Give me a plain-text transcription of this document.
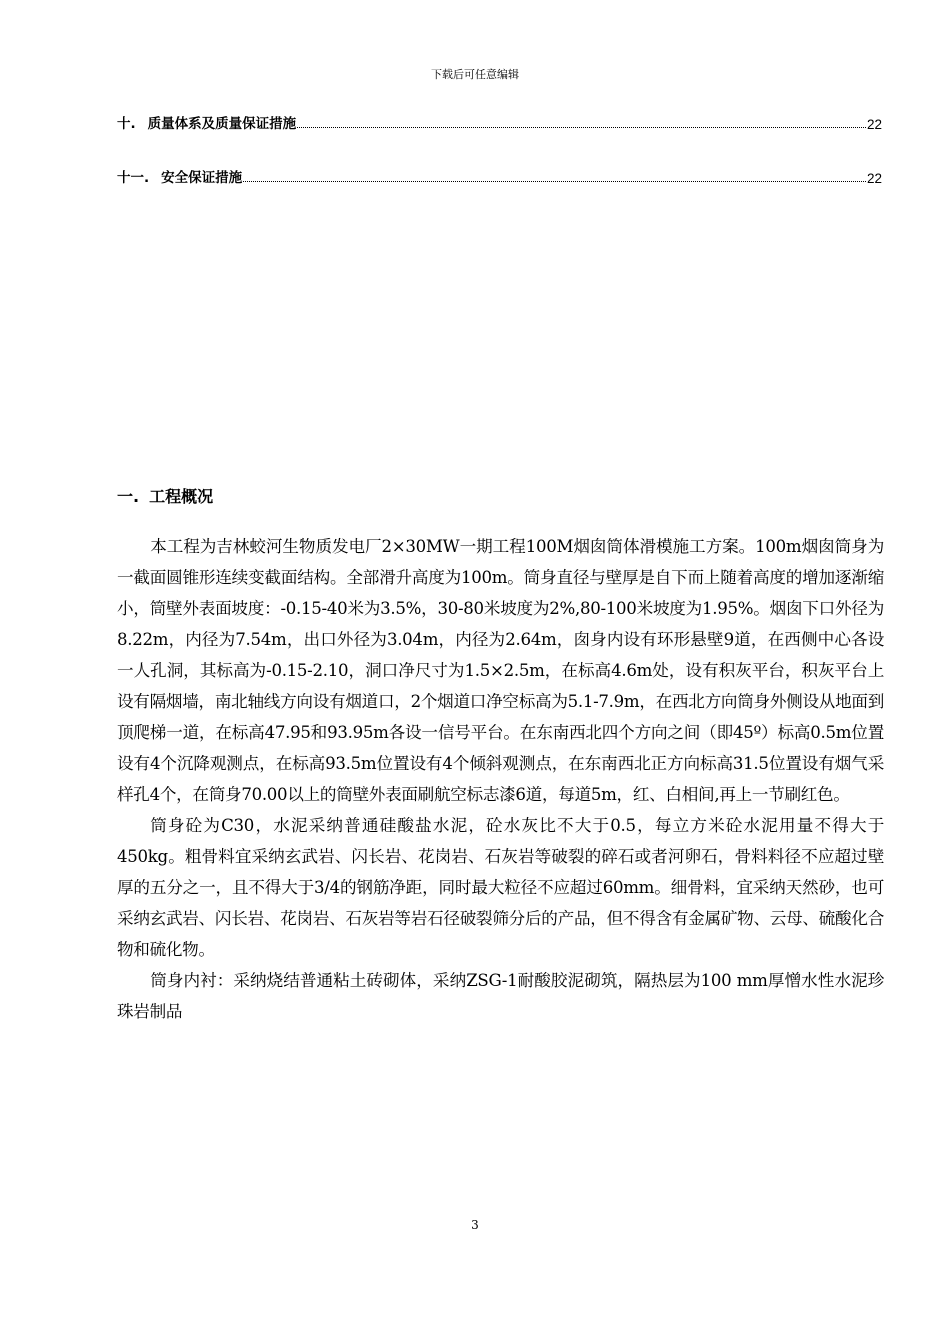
下载后可任意编辑
十. 质量体系及质量保证措施	22
十一. 安全保证措施	22
一. 工程概况

本工程为吉林蛟河生物质发电厂2×30MW一期工程100M烟囱筒体滑模施工方案。100m烟囱筒身为一截面圆锥形连续变截面结构。全部滑升高度为100m。筒身直径与壁厚是自下而上随着高度的增加逐渐缩小，筒壁外表面坡度：-0.15-40米为3.5%，30-80米坡度为2%,80-100米坡度为1.95%。烟囱下口外径为8.22m，内径为7.54m，出口外径为3.04m，内径为2.64m，囱身内设有环形悬壁9道，在西侧中心各设一人孔洞，其标高为-0.15-2.10，洞口净尺寸为1.5×2.5m，在标高4.6m处，设有积灰平台，积灰平台上设有隔烟墙，南北轴线方向设有烟道口，2个烟道口净空标高为5.1-7.9m，在西北方向筒身外侧设从地面到顶爬梯一道，在标高47.95和93.95m各设一信号平台。在东南西北四个方向之间（即45º）标高0.5m位置设有4个沉降观测点，在标高93.5m位置设有4个倾斜观测点，在东南西北正方向标高31.5位置设有烟气采样孔4个，在筒身70.00以上的筒壁外表面刷航空标志漆6道，每道5m，红、白相间,再上一节刷红色。

筒身砼为C30，水泥采纳普通硅酸盐水泥，砼水灰比不大于0.5，每立方米砼水泥用量不得大于450kg。粗骨料宜采纳玄武岩、闪长岩、花岗岩、石灰岩等破裂的碎石或者河卵石，骨料料径不应超过壁厚的五分之一，且不得大于3/4的钢筋净距，同时最大粒径不应超过60mm。细骨料，宜采纳天然砂，也可采纳玄武岩、闪长岩、花岗岩、石灰岩等岩石径破裂筛分后的产品，但不得含有金属矿物、云母、硫酸化合物和硫化物。

筒身内衬：采纳烧结普通粘土砖砌体，采纳ZSG-1耐酸胶泥砌筑，隔热层为100 mm厚憎水性水泥珍珠岩制品

3
